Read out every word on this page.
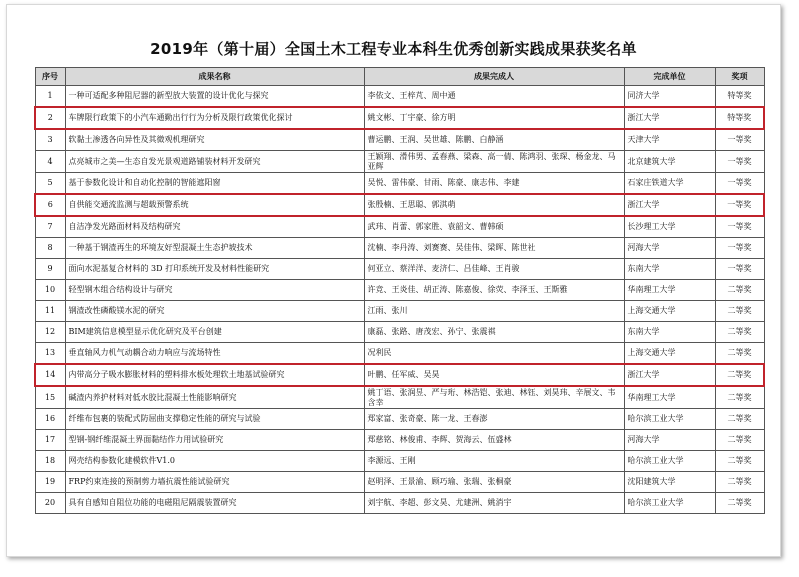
2019年（第十届）全国土木工程专业本科生优秀创新实践成果获奖名单
序号	成果名称	成果完成人	完成单位	奖项
1	一种可适配多种阻尼器的新型放大装置的设计优化与探究	李依文、王梓芃、周中通	同济大学	特等奖
2	车牌限行政策下的小汽车通勤出行行为分析及限行政策优化探讨	姚文彬、丁宇豪、徐方明	浙江大学	特等奖
3	软黏土渗透各向异性及其微观机理研究	曹运鹏、王润、吴世雄、陈鹏、白静涵	天津大学	一等奖
4	点亮城市之美—生态自发光景观道路铺装材料开发研究	王颖翔、滑伟男、孟春燕、梁森、高一倩、陈鸿羽、张琛、杨金龙、马亚辉	北京建筑大学	一等奖
5	基于参数化设计和自动化控制的智能遮阳窗	吴悦、雷伟豪、甘雨、陈豪、康志伟、李建	石家庄铁道大学	一等奖
6	自供能交通流监测与超载预警系统	张殷楠、王思聪、郭淇萌	浙江大学	一等奖
7	自洁净发光路面材料及结构研究	武玮、肖蕾、郭家胜、袁韶文、曹韩硕	长沙理工大学	一等奖
8	一种基于钢渣再生的环境友好型混凝土生态护坡技术	沈楠、李丹涛、刘赛赛、吴佳伟、梁晖、陈世社	河海大学	一等奖
9	面向水泥基复合材料的 3D 打印系统开发及材料性能研究	何亚立、蔡洋洋、麦济仁、吕佳峰、王肖骏	东南大学	一等奖
10	轻型钢木组合结构设计与研究	许竞、王炎佳、胡正涛、陈嘉俊、徐荧、李泽玉、王斯雅	华南理工大学	二等奖
11	钢渣改性磷酸镁水泥的研究	江雨、张川	上海交通大学	二等奖
12	BIM建筑信息模型显示优化研究及平台创建	康磊、张路、唐茂宏、孙宁、张震祺	东南大学	二等奖
13	垂直轴风力机气动耦合动力响应与流场特性	况利民	上海交通大学	二等奖
14	内带高分子吸水膨胀材料的塑料排水板处理软土地基试验研究	叶鹏、任军威、吴昊	浙江大学	二等奖
15	碱渣内养护材料对低水胶比混凝土性能影响研究	姚丁语、张润昱、严与珩、林浩铠、张迪、林钰、刘昊玮、辛展文、韦含幸	华南理工大学	二等奖
16	纤维布包裹的装配式防屈曲支撑稳定性能的研究与试验	郑家富、张奇豪、陈一龙、王春澎	哈尔滨工业大学	二等奖
17	型钢-钢纤维混凝土界面黏结作力用试验研究	郑慈铭、林俊甫、李辉、贺海云、伍盛林	河海大学	二等奖
18	网壳结构参数化建模软件V1.0	李源远、王刚	哈尔滨工业大学	二等奖
19	FRP约束连接的预制剪力墙抗震性能试验研究	赵明泽、王景渝、顾巧瑜、张瑞、张桐豪	沈阳建筑大学	二等奖
20	具有自感知自阻位功能的电磁阻尼隔震装置研究	刘宇航、李超、彭文昊、尤建洲、姚消宇	哈尔滨工业大学	二等奖
